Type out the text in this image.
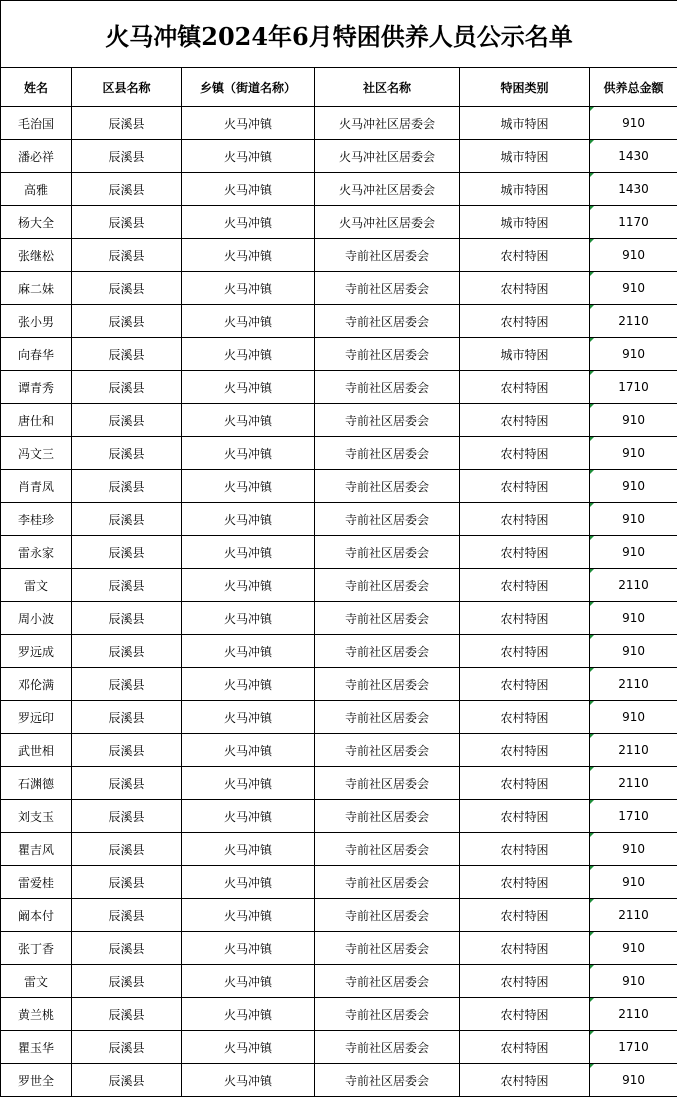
火马冲镇2024年6月特困供养人员公示名单					
姓名	区县名称	乡镇（街道名称）	社区名称	特困类别	供养总金额
毛治国	辰溪县	火马冲镇	火马冲社区居委会	城市特困	910
潘必祥	辰溪县	火马冲镇	火马冲社区居委会	城市特困	1430
高雅	辰溪县	火马冲镇	火马冲社区居委会	城市特困	1430
杨大全	辰溪县	火马冲镇	火马冲社区居委会	城市特困	1170
张继松	辰溪县	火马冲镇	寺前社区居委会	农村特困	910
麻二妹	辰溪县	火马冲镇	寺前社区居委会	农村特困	910
张小男	辰溪县	火马冲镇	寺前社区居委会	农村特困	2110
向春华	辰溪县	火马冲镇	寺前社区居委会	城市特困	910
谭青秀	辰溪县	火马冲镇	寺前社区居委会	农村特困	1710
唐仕和	辰溪县	火马冲镇	寺前社区居委会	农村特困	910
冯文三	辰溪县	火马冲镇	寺前社区居委会	农村特困	910
肖青凤	辰溪县	火马冲镇	寺前社区居委会	农村特困	910
李桂珍	辰溪县	火马冲镇	寺前社区居委会	农村特困	910
雷永家	辰溪县	火马冲镇	寺前社区居委会	农村特困	910
雷文	辰溪县	火马冲镇	寺前社区居委会	农村特困	2110
周小波	辰溪县	火马冲镇	寺前社区居委会	农村特困	910
罗远成	辰溪县	火马冲镇	寺前社区居委会	农村特困	910
邓伦满	辰溪县	火马冲镇	寺前社区居委会	农村特困	2110
罗远印	辰溪县	火马冲镇	寺前社区居委会	农村特困	910
武世相	辰溪县	火马冲镇	寺前社区居委会	农村特困	2110
石渊德	辰溪县	火马冲镇	寺前社区居委会	农村特困	2110
刘支玉	辰溪县	火马冲镇	寺前社区居委会	农村特困	1710
瞿吉风	辰溪县	火马冲镇	寺前社区居委会	农村特困	910
雷爱桂	辰溪县	火马冲镇	寺前社区居委会	农村特困	910
阚本付	辰溪县	火马冲镇	寺前社区居委会	农村特困	2110
张丁香	辰溪县	火马冲镇	寺前社区居委会	农村特困	910
雷文	辰溪县	火马冲镇	寺前社区居委会	农村特困	910
黄兰桃	辰溪县	火马冲镇	寺前社区居委会	农村特困	2110
瞿玉华	辰溪县	火马冲镇	寺前社区居委会	农村特困	1710
罗世全	辰溪县	火马冲镇	寺前社区居委会	农村特困	910
